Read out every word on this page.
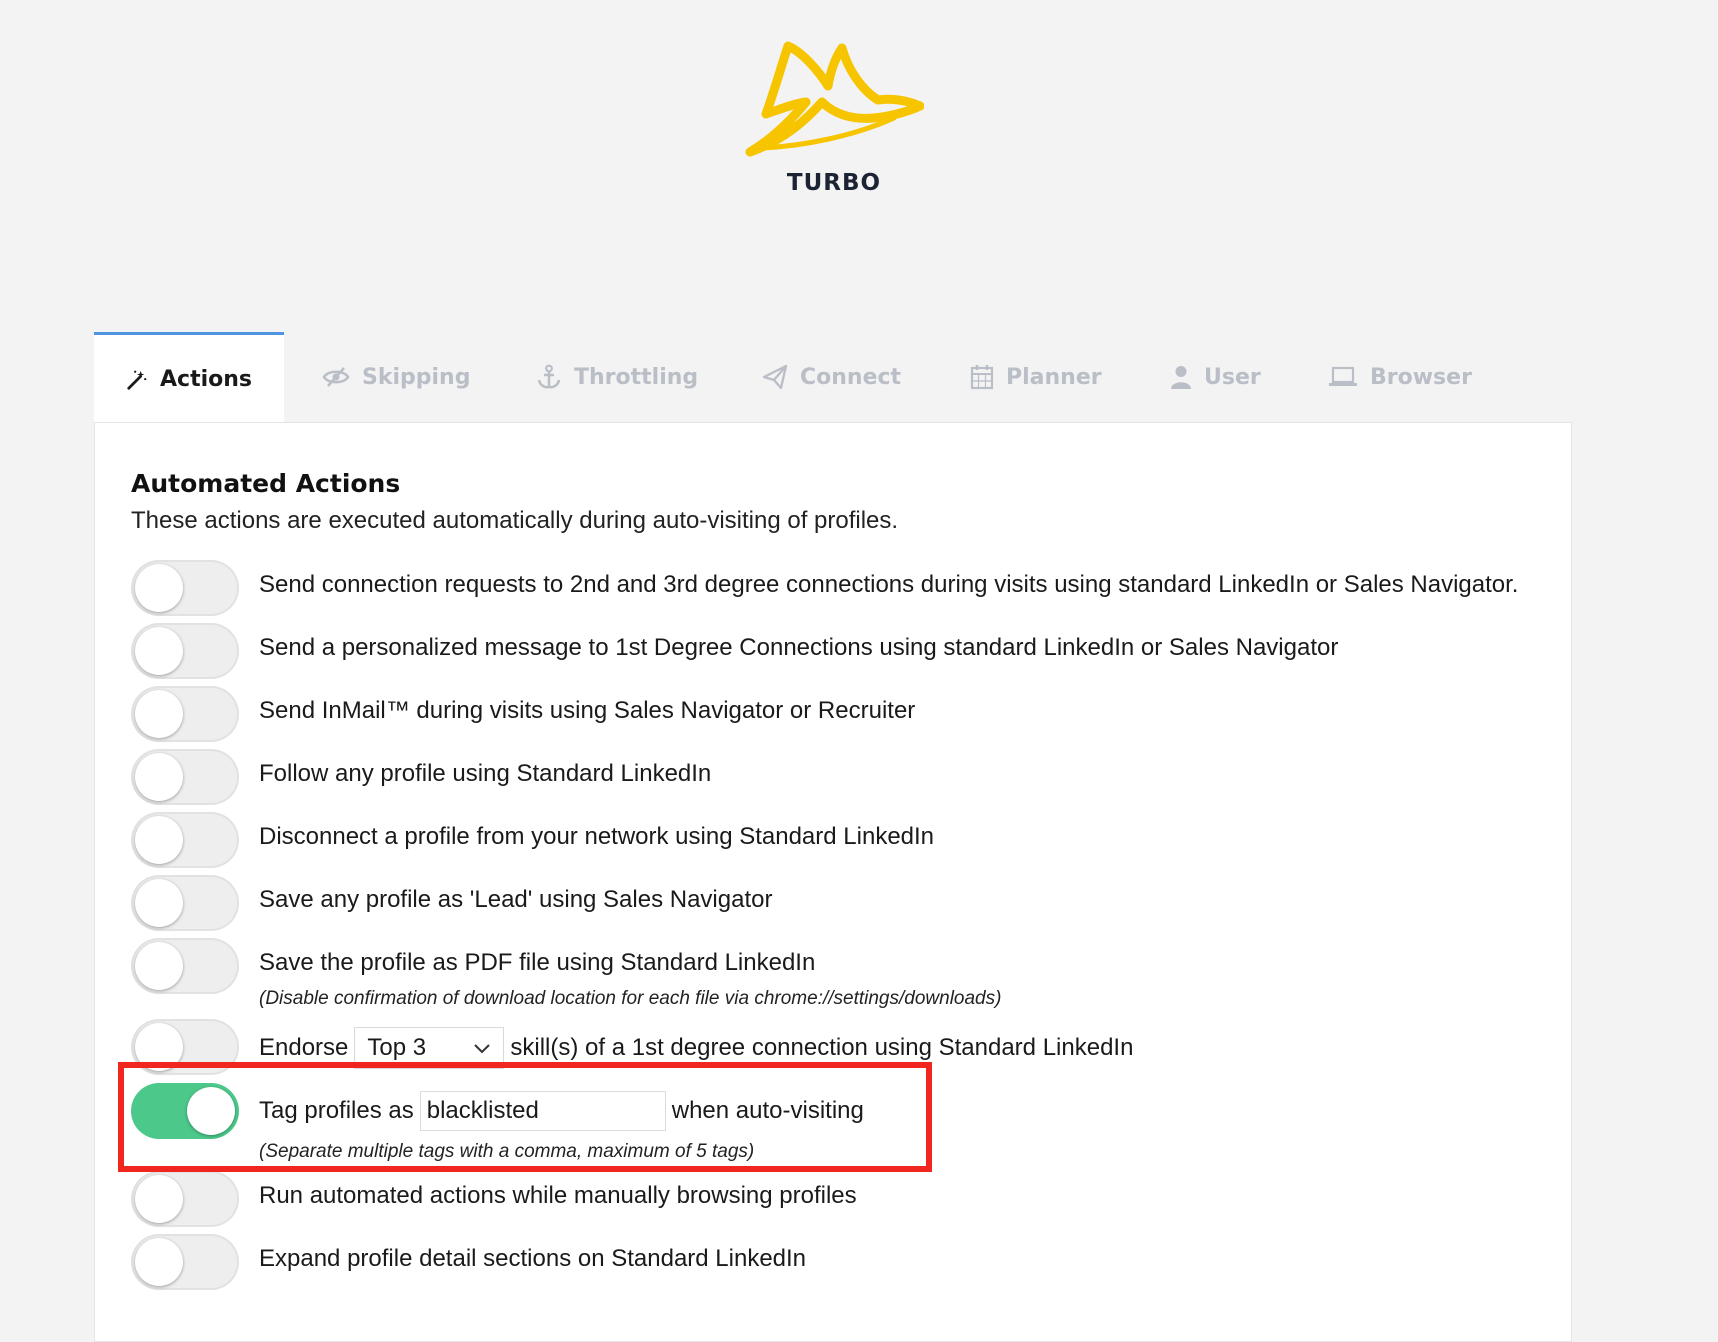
TURBO
Actions	Skipping	Throttling	Connect	Planner	User	Browser
Automated Actions
These actions are executed automatically during auto-visiting of profiles.
Send connection requests to 2nd and 3rd degree connections during visits using standard LinkedIn or Sales Navigator.
Send a personalized message to 1st Degree Connections using standard LinkedIn or Sales Navigator
Send InMail™ during visits using Sales Navigator or Recruiter
Follow any profile using Standard LinkedIn
Disconnect a profile from your network using Standard LinkedIn
Save any profile as 'Lead' using Sales Navigator
Save the profile as PDF file using Standard LinkedIn
(Disable confirmation of download location for each file via chrome://settings/downloads)
Endorse Top 3	skill(s) of a 1st degree connection using Standard LinkedIn
Tag profiles as blacklisted	when auto-visiting
(Separate multiple tags with a comma, maximum of 5 tags)
Run automated actions while manually browsing profiles
Expand profile detail sections on Standard LinkedIn
